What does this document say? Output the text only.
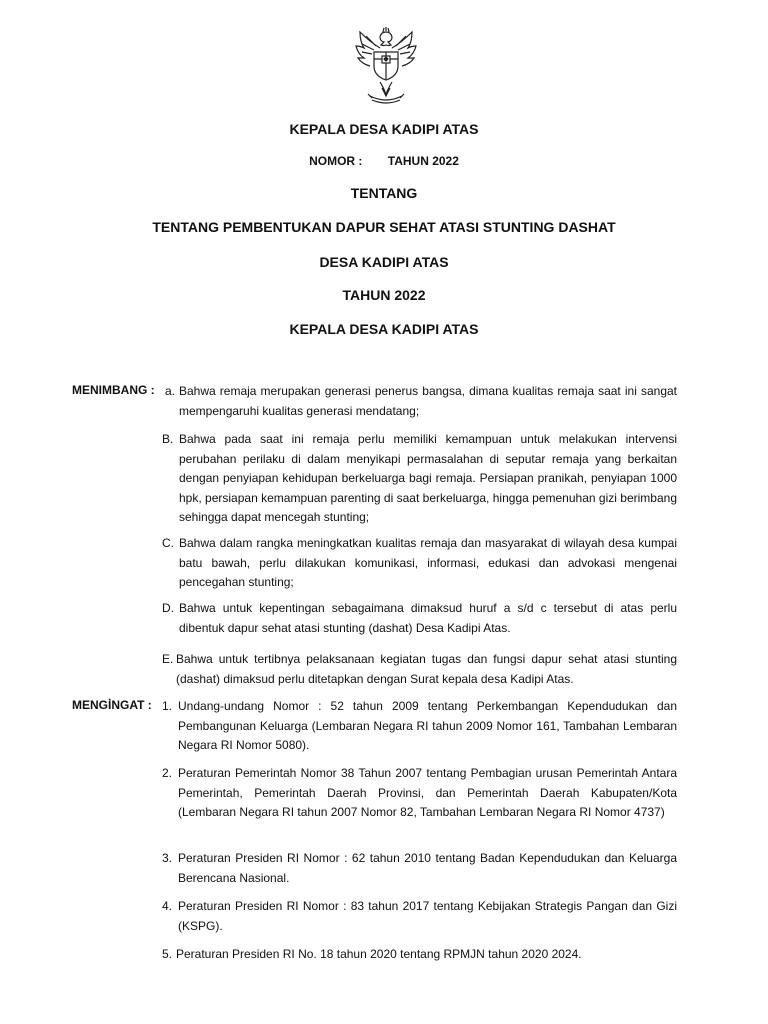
KEPALA DESA KADIPI ATAS
NOMOR : TAHUN 2022
TENTANG
TENTANG PEMBENTUKAN DAPUR SEHAT ATASI STUNTING DASHAT
DESA KADIPI ATAS
TAHUN 2022
KEPALA DESA KADIPI ATAS
MENIMBANG : a. Bahwa remaja merupakan generasi penerus bangsa, dimana kualitas remaja saat ini sangat mempengaruhi kualitas generasi mendatang;
B. Bahwa pada saat ini remaja perlu memiliki kemampuan untuk melakukan intervensi perubahan perilaku di dalam menyikapi permasalahan di seputar remaja yang berkaitan dengan penyiapan kehidupan berkeluarga bagi remaja. Persiapan pranikah, penyiapan 1000 hpk, persiapan kemampuan parenting di saat berkeluarga, hingga pemenuhan gizi berimbang sehingga dapat mencegah stunting;
C. Bahwa dalam rangka meningkatkan kualitas remaja dan masyarakat di wilayah desa kumpai batu bawah, perlu dilakukan komunikasi, informasi, edukasi dan advokasi mengenai pencegahan stunting;
D. Bahwa untuk kepentingan sebagaimana dimaksud huruf a s/d c tersebut di atas perlu dibentuk dapur sehat atasi stunting (dashat) Desa Kadipi Atas.
E. Bahwa untuk tertibnya pelaksanaan kegiatan tugas dan fungsi dapur sehat atasi stunting (dashat) dimaksud perlu ditetapkan dengan Surat kepala desa Kadipi Atas.
MENGİNGAT : 1. Undang-undang Nomor : 52 tahun 2009 tentang Perkembangan Kependudukan dan Pembangunan Keluarga (Lembaran Negara RI tahun 2009 Nomor 161, Tambahan Lembaran Negara RI Nomor 5080).
2. Peraturan Pemerintah Nomor 38 Tahun 2007 tentang Pembagian urusan Pemerintah Antara Pemerintah, Pemerintah Daerah Provinsi, dan Pemerintah Daerah Kabupaten/Kota (Lembaran Negara RI tahun 2007 Nomor 82, Tambahan Lembaran Negara RI Nomor 4737)
3. Peraturan Presiden RI Nomor : 62 tahun 2010 tentang Badan Kependudukan dan Keluarga Berencana Nasional.
4. Peraturan Presiden RI Nomor : 83 tahun 2017 tentang Kebijakan Strategis Pangan dan Gizi (KSPG).
5. Peraturan Presiden RI No. 18 tahun 2020 tentang RPMJN tahun 2020 2024.
